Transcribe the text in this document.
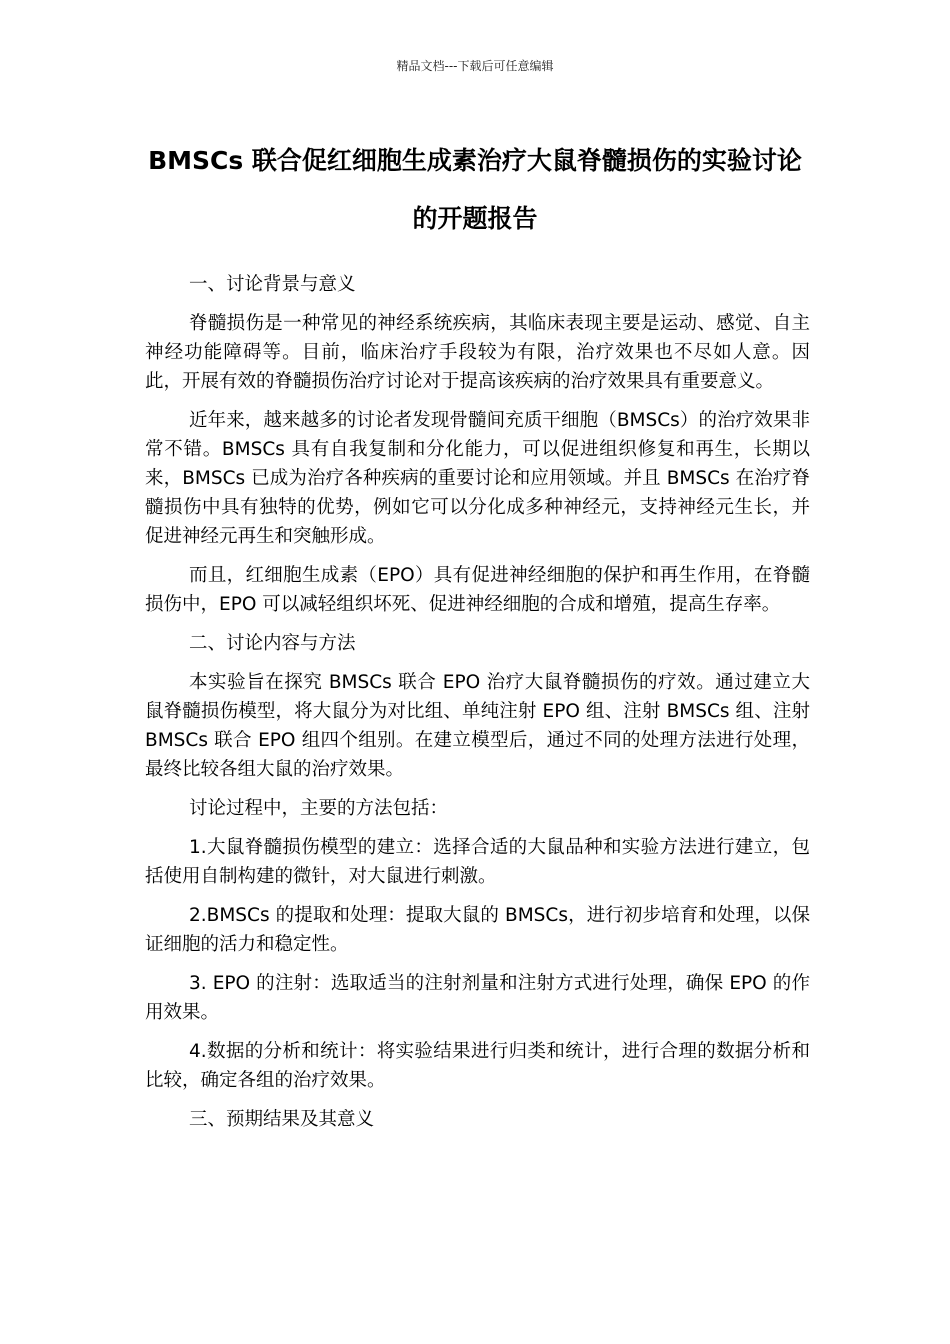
精品文档---下载后可任意编辑
BMSCs 联合促红细胞生成素治疗大鼠脊髓损伤的实验讨论的开题报告

一、讨论背景与意义

脊髓损伤是一种常见的神经系统疾病，其临床表现主要是运动、感觉、自主神经功能障碍等。目前，临床治疗手段较为有限，治疗效果也不尽如人意。因此，开展有效的脊髓损伤治疗讨论对于提高该疾病的治疗效果具有重要意义。

近年来，越来越多的讨论者发现骨髓间充质干细胞（BMSCs）的治疗效果非常不错。BMSCs 具有自我复制和分化能力，可以促进组织修复和再生，长期以来，BMSCs 已成为治疗各种疾病的重要讨论和应用领域。并且 BMSCs 在治疗脊髓损伤中具有独特的优势，例如它可以分化成多种神经元，支持神经元生长，并促进神经元再生和突触形成。

而且，红细胞生成素（EPO）具有促进神经细胞的保护和再生作用，在脊髓损伤中，EPO 可以减轻组织坏死、促进神经细胞的合成和增殖，提高生存率。

二、讨论内容与方法

本实验旨在探究 BMSCs 联合 EPO 治疗大鼠脊髓损伤的疗效。通过建立大鼠脊髓损伤模型，将大鼠分为对比组、单纯注射 EPO 组、注射 BMSCs 组、注射 BMSCs 联合 EPO 组四个组别。在建立模型后，通过不同的处理方法进行处理，最终比较各组大鼠的治疗效果。

讨论过程中，主要的方法包括：

1.大鼠脊髓损伤模型的建立：选择合适的大鼠品种和实验方法进行建立，包括使用自制构建的微针，对大鼠进行刺激。

2.BMSCs 的提取和处理：提取大鼠的 BMSCs，进行初步培育和处理，以保证细胞的活力和稳定性。

3. EPO 的注射：选取适当的注射剂量和注射方式进行处理，确保 EPO 的作用效果。

4.数据的分析和统计：将实验结果进行归类和统计，进行合理的数据分析和比较，确定各组的治疗效果。

三、预期结果及其意义
